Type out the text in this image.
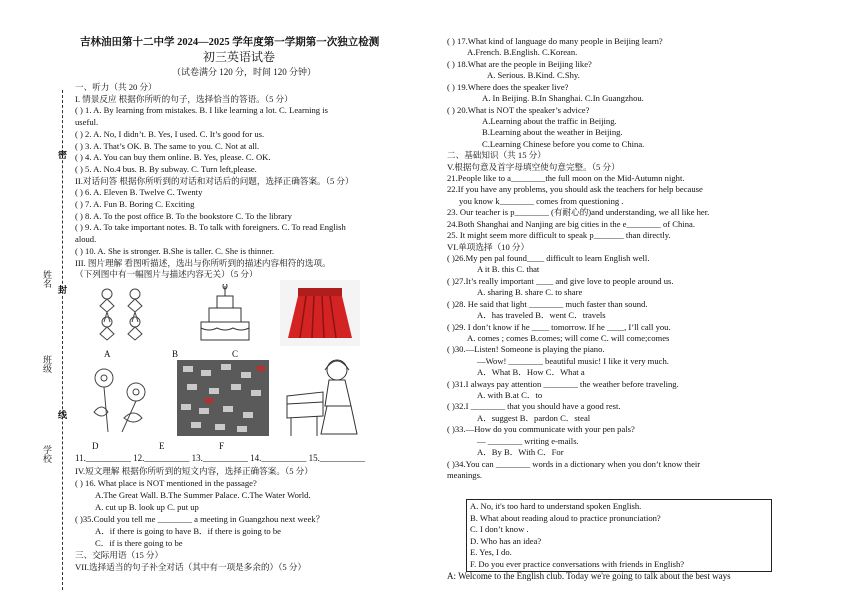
姓名
班级
学校
密
封
线
吉林油田第十二中学 2024—2025 学年度第一学期第一次独立检测
初三英语试卷
（试卷满分 120 分，时间 120 分钟）
一、听力（共 20 分）
I. 情景反应 根据你所听的句子，选择恰当的答语。（5 分）
( ) 1. A. By learning from mistakes. B. I like learning a lot. C. Learning is
useful.
( ) 2. A. No, I didn’t. B. Yes, I used. C. It’s good for us.
( ) 3. A. That’s OK. B. The same to you. C. Not at all.
( ) 4. A. You can buy them online. B. Yes, please. C. OK.
( ) 5. A. No.4 bus. B. By subway. C. Turn left,please.
II.对话问答 根据你所听到的对话和对话后的问题，选择正确答案。（5 分）
( ) 6. A. Eleven B. Twelve C. Twenty
( ) 7. A. Fun B. Boring C. Exciting
( ) 8. A. To the post office B. To the bookstore C. To the library
( ) 9. A. To take important notes. B. To talk with foreigners. C. To read English
aloud.
( ) 10. A. She is stronger. B.She is taller. C. She is thinner.
III. 图片理解 看图听描述，选出与你所听到的描述内容相符的选项。
（下列图中有一幅图片与描述内容无关）（5 分）
A	B	C
D	E	F
11.__________ 12.__________ 13.__________ 14.__________ 15.__________
IV.短文理解 根据你所听到的短文内容，选择正确答案。（5 分）
( ) 16. What place is NOT mentioned in the passage?
A.The Great Wall. B.The Summer Palace. C.The Water World.
A. cut up B. look up C. put up
( )35.Could you tell me ________ a meeting in Guangzhou next week？
A．if there is going to have B．if there is going to be
C．if is there going to be
三、交际用语（15 分）
VII.选择适当的句子补全对话（其中有一项是多余的）（5 分）
( ) 17.What kind of language do many people in Beijing learn?
A.French. B.English. C.Korean.
( ) 18.What are the people in Beijing like?
A. Serious. B.Kind. C.Shy.
( ) 19.Where does the speaker live?
A. In Beijing. B.In Shanghai. C.In Guangzhou.
( ) 20.What is NOT the speaker’s advice?
A.Learning about the traffic in Beijing.
B.Learning about the weather in Beijing.
C.Learning Chinese before you come to China.
二、基础知识（共 15 分）
V.根据句意及首字母填空使句意完整。（5 分）
21.People like to a________the full moon on the Mid-Autumn night.
22.If you have any problems, you should ask the teachers for help because
you know k________ comes from questioning .
23. Our teacher is p________ (有耐心的)and understanding, we all like her.
24.Both Shanghai and Nanjing are big cities in the e________ of China.
25. It might seem more difficult to speak p_______ than directly.
VI.单项选择（10 分）
( )26.My pen pal found____ difficult to learn English well.
A it B. this C. that
( )27.It’s really important ____ and give love to people around us.
A. sharing B. share C. to share
( )28. He said that light ________ much faster than sound.
A．has traveled B．went C．travels
( )29. I don’t know if he ____ tomorrow. If he ____, I’ll call you.
A. comes ; comes B.comes; will come C. will come;comes
( )30.—Listen! Someone is playing the piano.
—Wow! ________ beautiful music! I like it very much.
A．What B．How C．What a
( )31.I always pay attention ________ the weather before traveling.
A. with B.at C．to
( )32.I ________ that you should have a good rest.
A．suggest B．pardon C．steal
( )33.—How do you communicate with your pen pals?
— ________ writing e-mails.
A．By B．With C．For
( )34.You can ________ words in a dictionary when you don’t know their
meanings.
A. No, it's too hard to understand spoken English.
B. What about reading aloud to practice pronunciation?
C. I don’t know .
D. Who has an idea?
E. Yes, I do.
F. Do you ever practice conversations with friends in English?
A: Welcome to the English club. Today we're going to talk about the best ways
